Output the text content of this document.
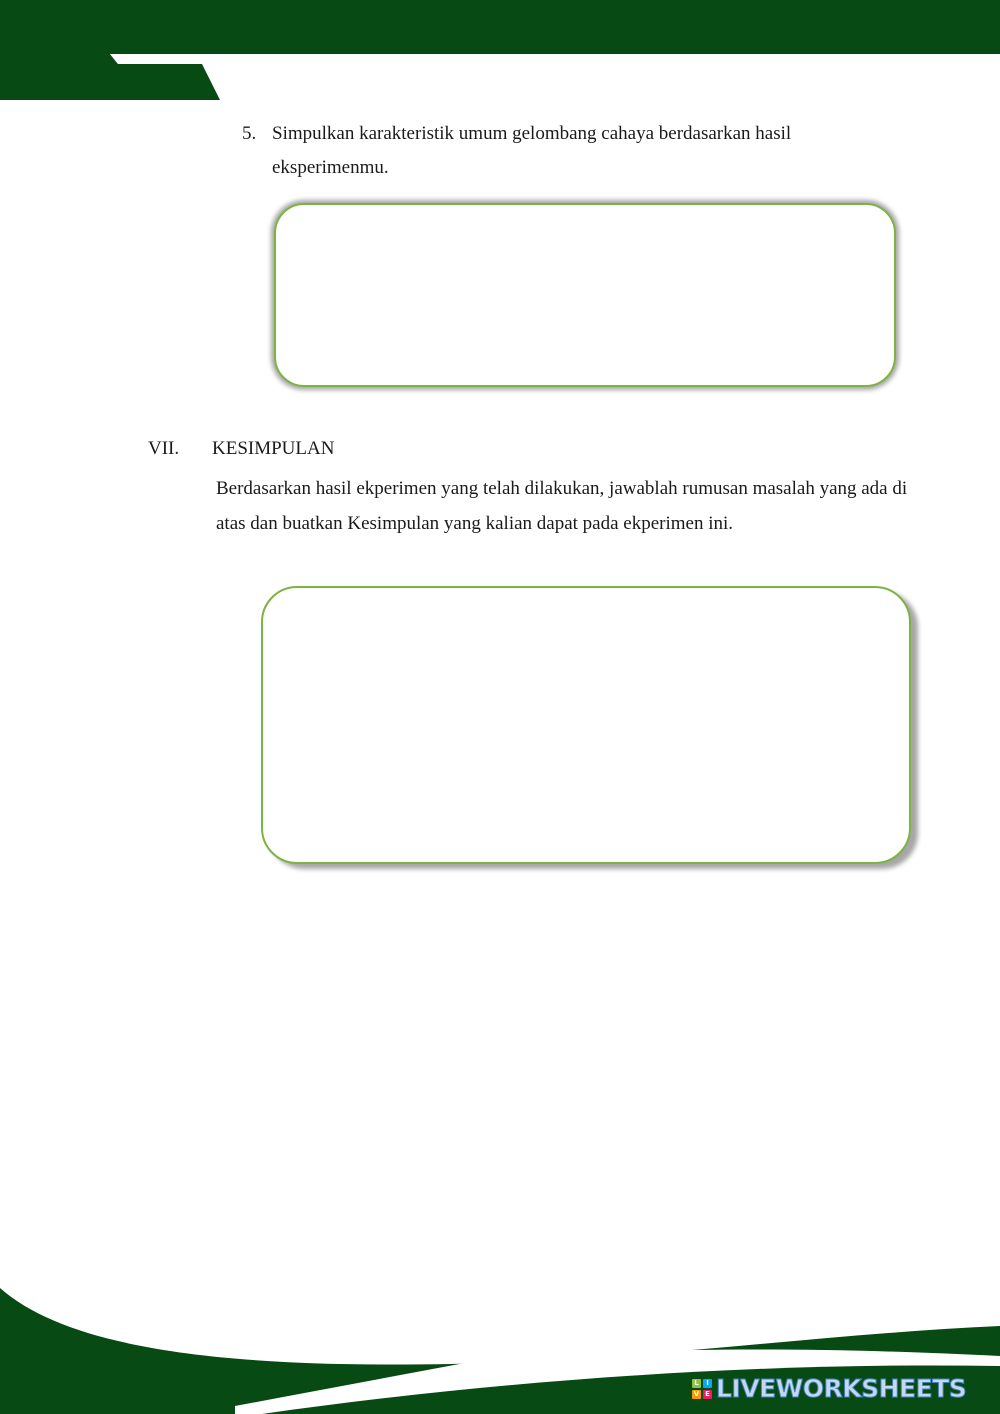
5. Simpulkan karakteristik umum gelombang cahaya berdasarkan hasil eksperimenmu.
VII. KESIMPULAN
Berdasarkan hasil ekperimen yang telah dilakukan, jawablah rumusan masalah yang ada di atas dan buatkan Kesimpulan yang kalian dapat pada ekperimen ini.
L	I
V E LIVEWORKSHEETS
